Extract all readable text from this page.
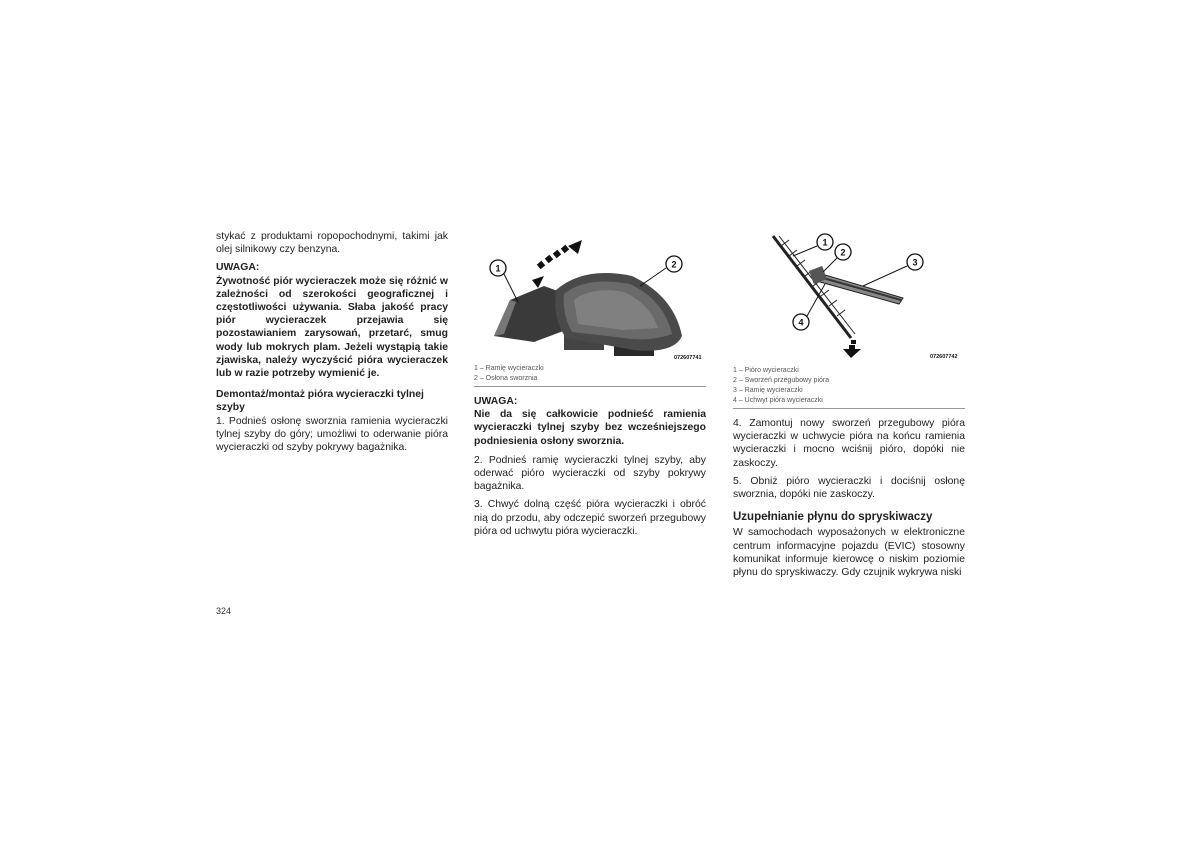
stykać z produktami ropopochodnymi, takimi jak olej silnikowy czy benzyna.

UWAGA:

Żywotność piór wycieraczek może się różnić w zależności od szerokości geograficznej i częstotliwości używania. Słaba jakość pracy piór wycieraczek przejawia się pozostawianiem zarysowań, przetarć, smug wody lub mokrych plam. Jeżeli wystąpią takie zjawiska, należy wyczyścić pióra wycieraczek lub w razie potrzeby wymienić je.

Demontaż/montaż pióra wycieraczki tylnej szyby

1. Podnieś osłonę sworznia ramienia wycieraczki tylnej szyby do góry; umożliwi to oderwanie pióra wycieraczki od szyby pokrywy bagażnika.

1	2
072607741
1 – Ramię wycieraczki
2 – Osłona sworznia
UWAGA:

Nie da się całkowicie podnieść ramienia wycieraczki tylnej szyby bez wcześniejszego podniesienia osłony sworznia.

2. Podnieś ramię wycieraczki tylnej szyby, aby oderwać pióro wycieraczki od szyby pokrywy bagażnika.

3. Chwyć dolną część pióra wycieraczki i obróć nią do przodu, aby odczepić sworzeń przegubowy pióra od uchwytu pióra wycieraczki.

1
2
3
4
072607742
1 – Pióro wycieraczki
2 – Sworzeń przegubowy pióra
3 – Ramię wycieraczki
4 – Uchwyt pióra wycieraczki

4. Zamontuj nowy sworzeń przegubowy pióra wycieraczki w uchwycie pióra na końcu ramienia wycieraczki i mocno wciśnij pióro, dopóki nie zaskoczy.

5. Obniż pióro wycieraczki i dociśnij osłonę sworznia, dopóki nie zaskoczy.

Uzupełnianie płynu do spryskiwaczy

W samochodach wyposażonych w elektroniczne centrum informacyjne pojazdu (EVIC) stosowny komunikat informuje kierowcę o niskim poziomie płynu do spryskiwaczy. Gdy czujnik wykrywa niski

324
